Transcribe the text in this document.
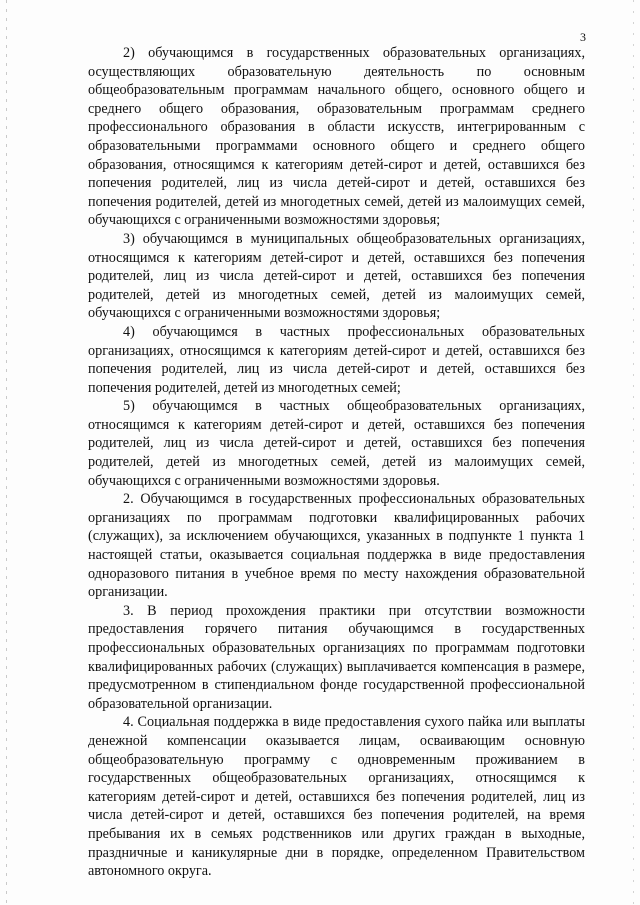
3

2) обучающимся в государственных образовательных организациях, осуществляющих образовательную деятельность по основным общеобразовательным программам начального общего, основного общего и среднего общего образования, образовательным программам среднего профессионального образования в области искусств, интегрированным с образовательными программами основного общего и среднего общего образования, относящимся к категориям детей-сирот и детей, оставшихся без попечения родителей, лиц из числа детей-сирот и детей, оставшихся без попечения родителей, детей из многодетных семей, детей из малоимущих семей, обучающихся с ограниченными возможностями здоровья;

3) обучающимся в муниципальных общеобразовательных организациях, относящимся к категориям детей-сирот и детей, оставшихся без попечения родителей, лиц из числа детей-сирот и детей, оставшихся без попечения родителей, детей из многодетных семей, детей из малоимущих семей, обучающихся с ограниченными возможностями здоровья;

4) обучающимся в частных профессиональных образовательных организациях, относящимся к категориям детей-сирот и детей, оставшихся без попечения родителей, лиц из числа детей-сирот и детей, оставшихся без попечения родителей, детей из многодетных семей;

5) обучающимся в частных общеобразовательных организациях, относящимся к категориям детей-сирот и детей, оставшихся без попечения родителей, лиц из числа детей-сирот и детей, оставшихся без попечения родителей, детей из многодетных семей, детей из малоимущих семей, обучающихся с ограниченными возможностями здоровья.

2. Обучающимся в государственных профессиональных образовательных организациях по программам подготовки квалифицированных рабочих (служащих), за исключением обучающихся, указанных в подпункте 1 пункта 1 настоящей статьи, оказывается социальная поддержка в виде предоставления одноразового питания в учебное время по месту нахождения образовательной организации.

3. В период прохождения практики при отсутствии возможности предоставления горячего питания обучающимся в государственных профессиональных образовательных организациях по программам подготовки квалифицированных рабочих (служащих) выплачивается компенсация в размере, предусмотренном в стипендиальном фонде государственной профессиональной образовательной организации.

4. Социальная поддержка в виде предоставления сухого пайка или выплаты денежной компенсации оказывается лицам, осваивающим основную общеобразовательную программу с одновременным проживанием в государственных общеобразовательных организациях, относящимся к категориям детей-сирот и детей, оставшихся без попечения родителей, лиц из числа детей-сирот и детей, оставшихся без попечения родителей, на время пребывания их в семьях родственников или других граждан в выходные, праздничные и каникулярные дни в порядке, определенном Правительством автономного округа.
